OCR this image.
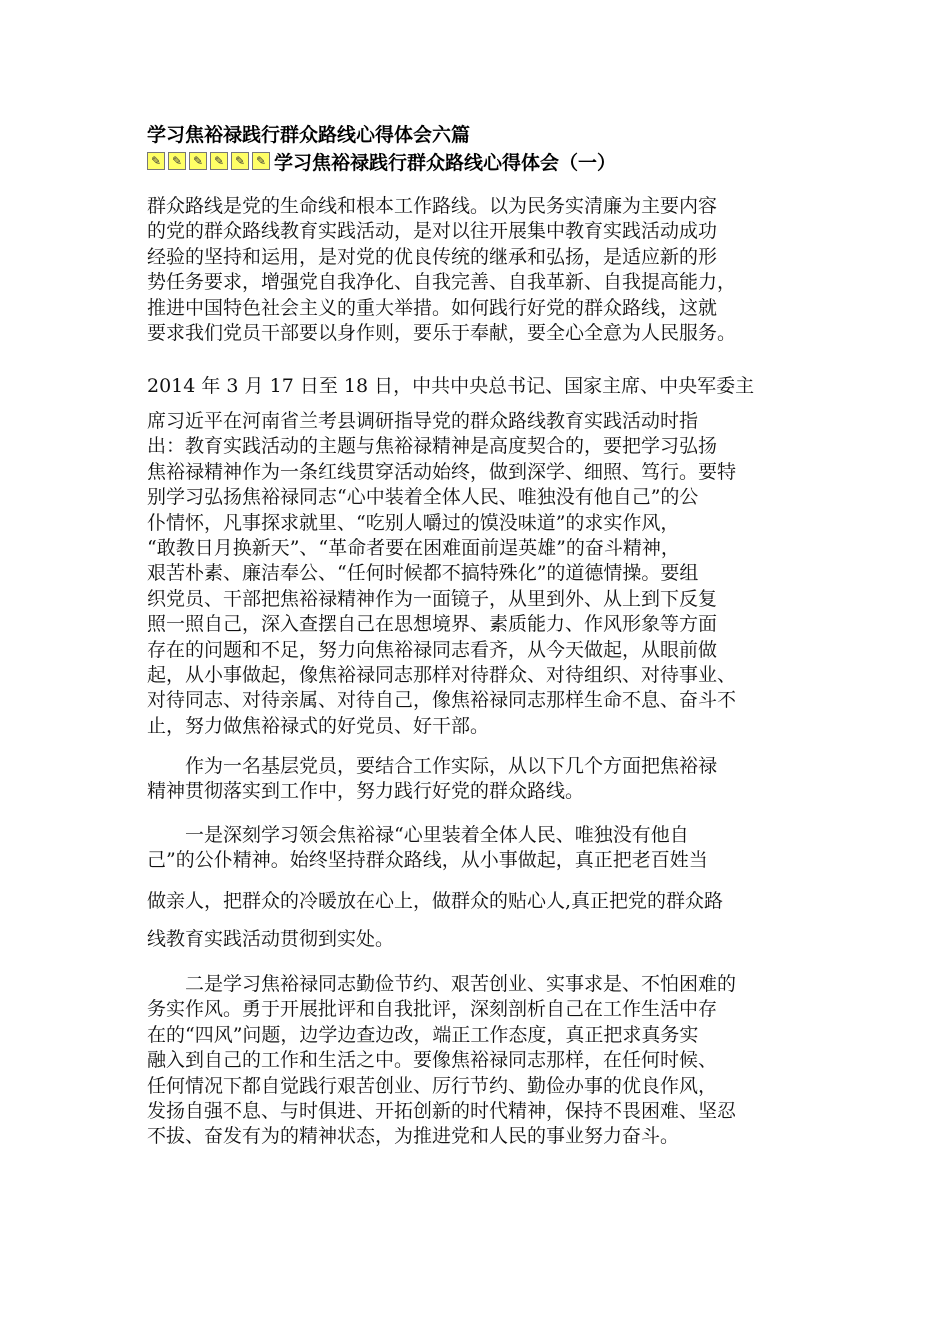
学习焦裕禄践行群众路线心得体会六篇
✎ ✎ ✎ ✎ ✎ ✎ 学习焦裕禄践行群众路线心得体会（一）
群众路线是党的生命线和根本工作路线。以为民务实清廉为主要内容
的党的群众路线教育实践活动，是对以往开展集中教育实践活动成功
经验的坚持和运用，是对党的优良传统的继承和弘扬，是适应新的形
势任务要求，增强党自我净化、自我完善、自我革新、自我提高能力，
推进中国特色社会主义的重大举措。如何践行好党的群众路线，这就
要求我们党员干部要以身作则，要乐于奉献，要全心全意为人民服务。
2014 年 3 月 17 日至 18 日，中共中央总书记、国家主席、中央军委主
席习近平在河南省兰考县调研指导党的群众路线教育实践活动时指
出：教育实践活动的主题与焦裕禄精神是高度契合的，要把学习弘扬
焦裕禄精神作为一条红线贯穿活动始终，做到深学、细照、笃行。要特
别学习弘扬焦裕禄同志“心中装着全体人民、唯独没有他自己”的公
仆情怀，凡事探求就里、“吃别人嚼过的馍没味道”的求实作风，
“敢教日月换新天”、“革命者要在困难面前逞英雄”的奋斗精神，
艰苦朴素、廉洁奉公、“任何时候都不搞特殊化”的道德情操。要组
织党员、干部把焦裕禄精神作为一面镜子，从里到外、从上到下反复
照一照自己，深入查摆自己在思想境界、素质能力、作风形象等方面
存在的问题和不足，努力向焦裕禄同志看齐，从今天做起，从眼前做
起，从小事做起，像焦裕禄同志那样对待群众、对待组织、对待事业、
对待同志、对待亲属、对待自己，像焦裕禄同志那样生命不息、奋斗不
止，努力做焦裕禄式的好党员、好干部。
　　作为一名基层党员，要结合工作实际，从以下几个方面把焦裕禄
精神贯彻落实到工作中，努力践行好党的群众路线。
　　一是深刻学习领会焦裕禄“心里装着全体人民、唯独没有他自
己”的公仆精神。始终坚持群众路线，从小事做起，真正把老百姓当
做亲人，把群众的冷暖放在心上，做群众的贴心人,真正把党的群众路
线教育实践活动贯彻到实处。
　　二是学习焦裕禄同志勤俭节约、艰苦创业、实事求是、不怕困难的
务实作风。勇于开展批评和自我批评，深刻剖析自己在工作生活中存
在的“四风”问题，边学边查边改，端正工作态度，真正把求真务实
融入到自己的工作和生活之中。要像焦裕禄同志那样，在任何时候、
任何情况下都自觉践行艰苦创业、厉行节约、勤俭办事的优良作风，
发扬自强不息、与时俱进、开拓创新的时代精神，保持不畏困难、坚忍
不拔、奋发有为的精神状态，为推进党和人民的事业努力奋斗。
